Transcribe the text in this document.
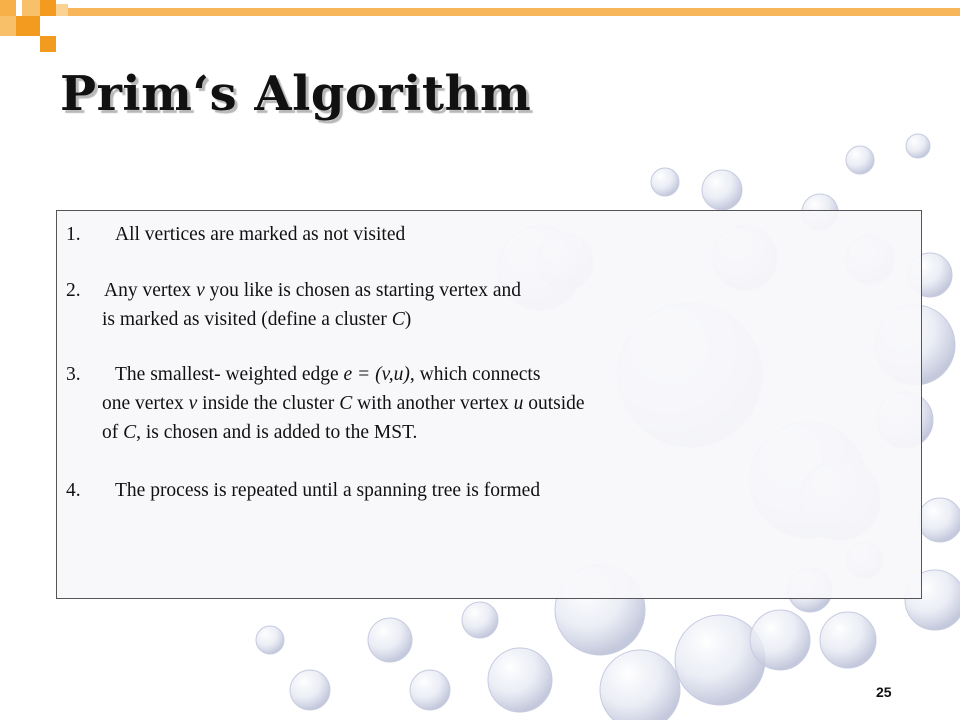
Prim‘s Algorithm
1. All vertices are marked as not visited
2. Any vertex v you like is chosen as starting vertex and
is marked as visited (define a cluster C)
3. The smallest- weighted edge e = (v,u), which connects
one vertex v inside the cluster C with another vertex u outside
of C, is chosen and is added to the MST.
4. The process is repeated until a spanning tree is formed
25
